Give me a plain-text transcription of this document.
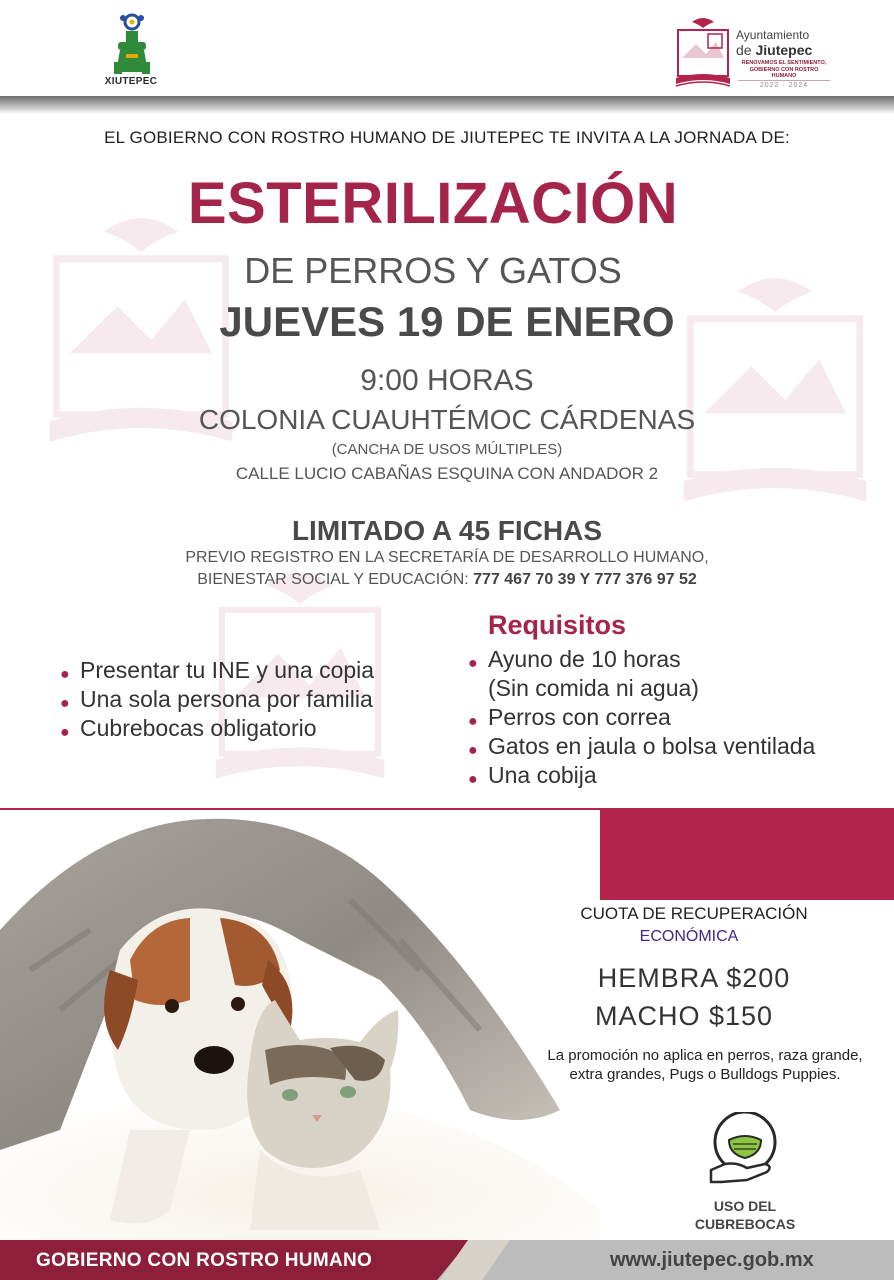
XIUTEPEC
Ayuntamiento
de Jiutepec
RENOVAMOS EL SENTIMIENTO, GOBIERNO CON ROSTRO HUMANO
2022 · 2024
EL GOBIERNO CON ROSTRO HUMANO DE JIUTEPEC TE INVITA A LA JORNADA DE:
ESTERILIZACIÓN
DE PERROS Y GATOS
JUEVES 19 DE ENERO
9:00 HORAS
COLONIA CUAUHTÉMOC CÁRDENAS
(CANCHA DE USOS MÚLTIPLES)
CALLE LUCIO CABAÑAS ESQUINA CON ANDADOR 2
LIMITADO A 45 FICHAS
PREVIO REGISTRO EN LA SECRETARÍA DE DESARROLLO HUMANO,
BIENESTAR SOCIAL Y EDUCACIÓN: 777 467 70 39 Y 777 376 97 52
Requisitos
● Presentar tu INE y una copia
● Una sola persona por familia
● Cubrebocas obligatorio
● Ayuno de 10 horas
(Sin comida ni agua)
● Perros con correa
● Gatos en jaula o bolsa ventilada
● Una cobija
CUOTA DE RECUPERACIÓN
ECONÓMICA
HEMBRA $200
MACHO $150
La promoción no aplica en perros, raza grande, extra grandes, Pugs o Bulldogs Puppies.
USO DEL
CUBREBOCAS
GOBIERNO CON ROSTRO HUMANO	www.jiutepec.gob.mx
